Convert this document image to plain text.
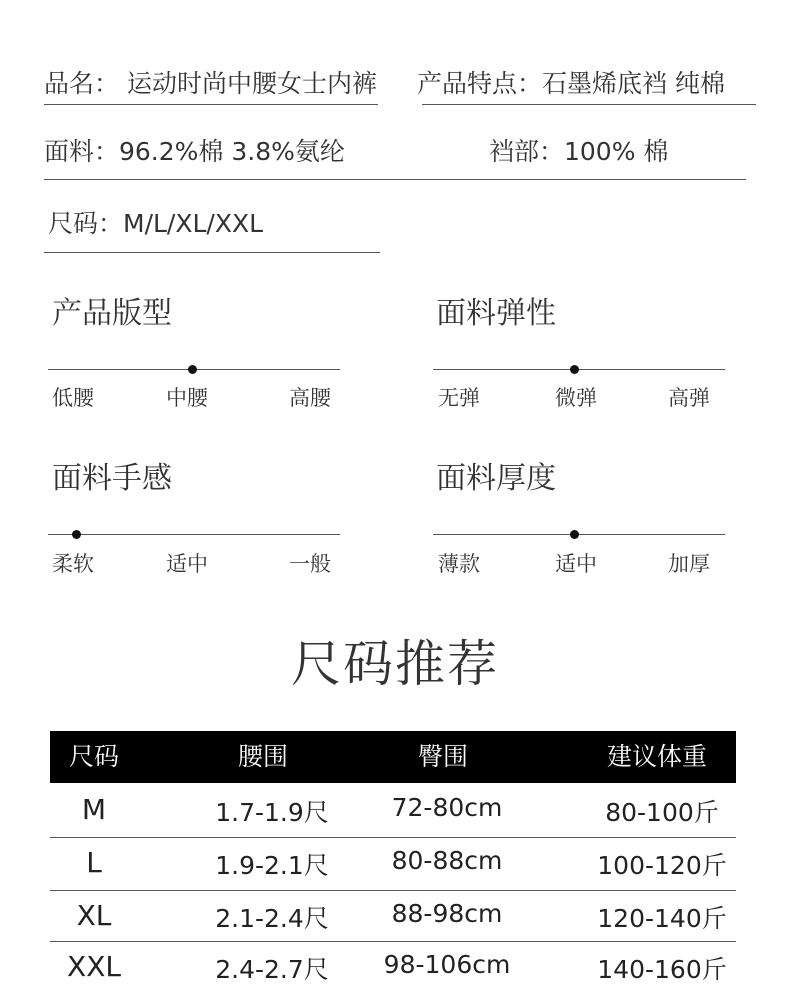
品名： 运动时尚中腰女士内裤 产品特点：石墨烯底裆 纯棉
面料：96.2%棉 3.8%氨纶	裆部：100% 棉
尺码：M/L/XL/XXL
产品版型
低腰	中腰	高腰
面料弹性
无弹	微弹	高弹
面料手感
柔软	适中	一般
面料厚度
薄款	适中	加厚
尺码推荐
尺码	腰围	臀围	建议体重
M	1.7-1.9尺	72-80cm	80-100斤
L	1.9-2.1尺	80-88cm	100-120斤
XL	2.1-2.4尺	88-98cm	120-140斤
XXL	2.4-2.7尺 98-106cm	140-160斤
